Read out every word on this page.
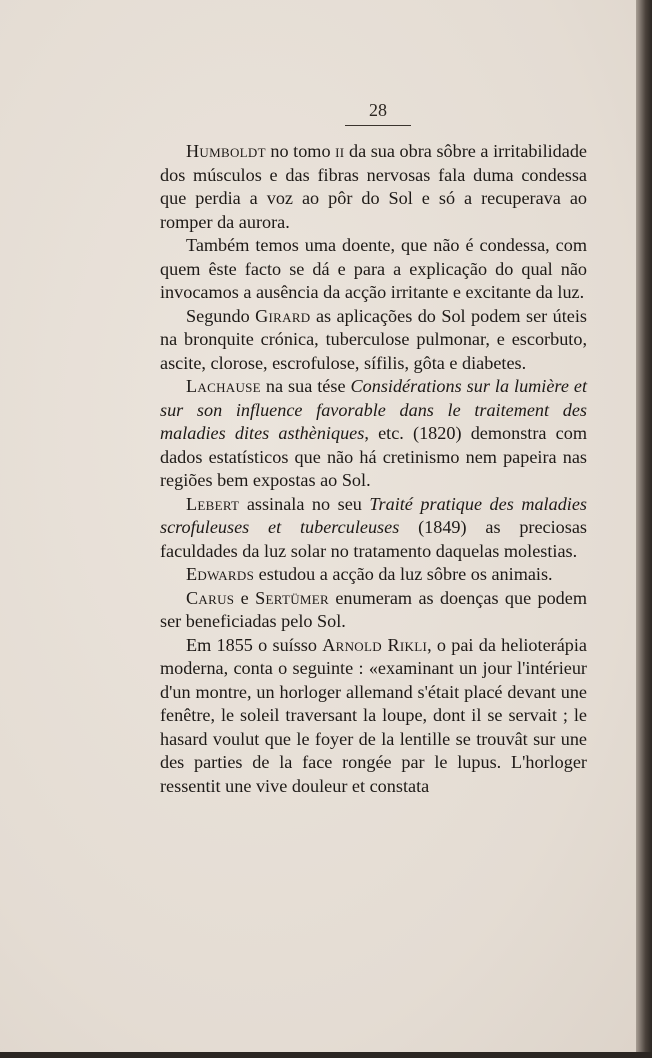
28

Humboldt no tomo ii da sua obra sôbre a irritabilidade dos músculos e das fibras nervosas fala duma condessa que perdia a voz ao pôr do Sol e só a recuperava ao romper da aurora.

Também temos uma doente, que não é condessa, com quem êste facto se dá e para a explicação do qual não invocamos a ausência da acção irritante e excitante da luz.

Segundo Girard as aplicações do Sol podem ser úteis na bronquite crónica, tuberculose pulmonar, e escorbuto, ascite, clorose, escrofulose, sífilis, gôta e diabetes.

Lachause na sua tése Considérations sur la lumière et sur son influence favorable dans le traitement des maladies dites asthèniques, etc. (1820) demonstra com dados estatísticos que não há cretinismo nem papeira nas regiões bem expostas ao Sol.

Lebert assinala no seu Traité pratique des maladies scrofuleuses et tuberculeuses (1849) as preciosas faculdades da luz solar no tratamento daquelas molestias.

Edwards estudou a acção da luz sôbre os animais.

Carus e Sertümer enumeram as doenças que podem ser beneficiadas pelo Sol.

Em 1855 o suísso Arnold Rikli, o pai da helioterápia moderna, conta o seguinte : «examinant un jour l'intérieur d'un montre, un horloger allemand s'était placé devant une fenêtre, le soleil traversant la loupe, dont il se servait ; le hasard voulut que le foyer de la lentille se trouvât sur une des parties de la face rongée par le lupus. L'horloger ressentit une vive douleur et constata
